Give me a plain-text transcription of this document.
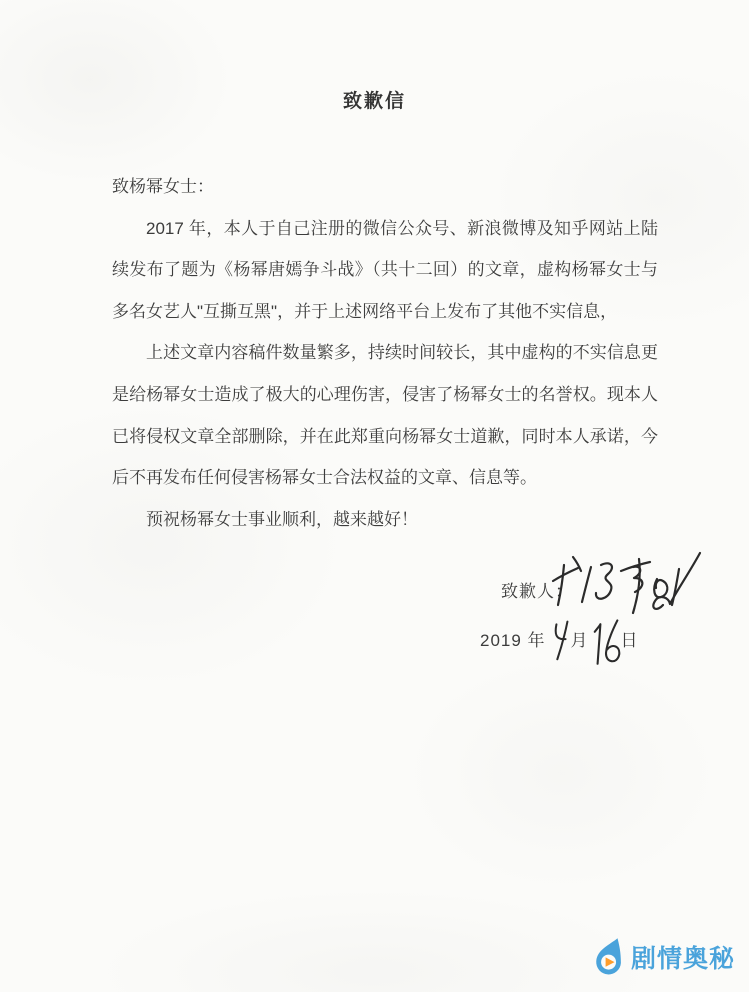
致歉信

致杨幂女士：

2017 年，本人于自己注册的微信公众号、新浪微博及知乎网站上陆续发布了题为《杨幂唐嫣争斗战》（共十二回）的文章，虚构杨幂女士与多名女艺人"互撕互黑"，并于上述网络平台上发布了其他不实信息，

上述文章内容稿件数量繁多，持续时间较长，其中虚构的不实信息更是给杨幂女士造成了极大的心理伤害，侵害了杨幂女士的名誉权。现本人已将侵权文章全部删除，并在此郑重向杨幂女士道歉，同时本人承诺，今后不再发布任何侵害杨幂女士合法权益的文章、信息等。

预祝杨幂女士事业顺利，越来越好！

致歉人：
2019 年 月 日
剧情奥秘
